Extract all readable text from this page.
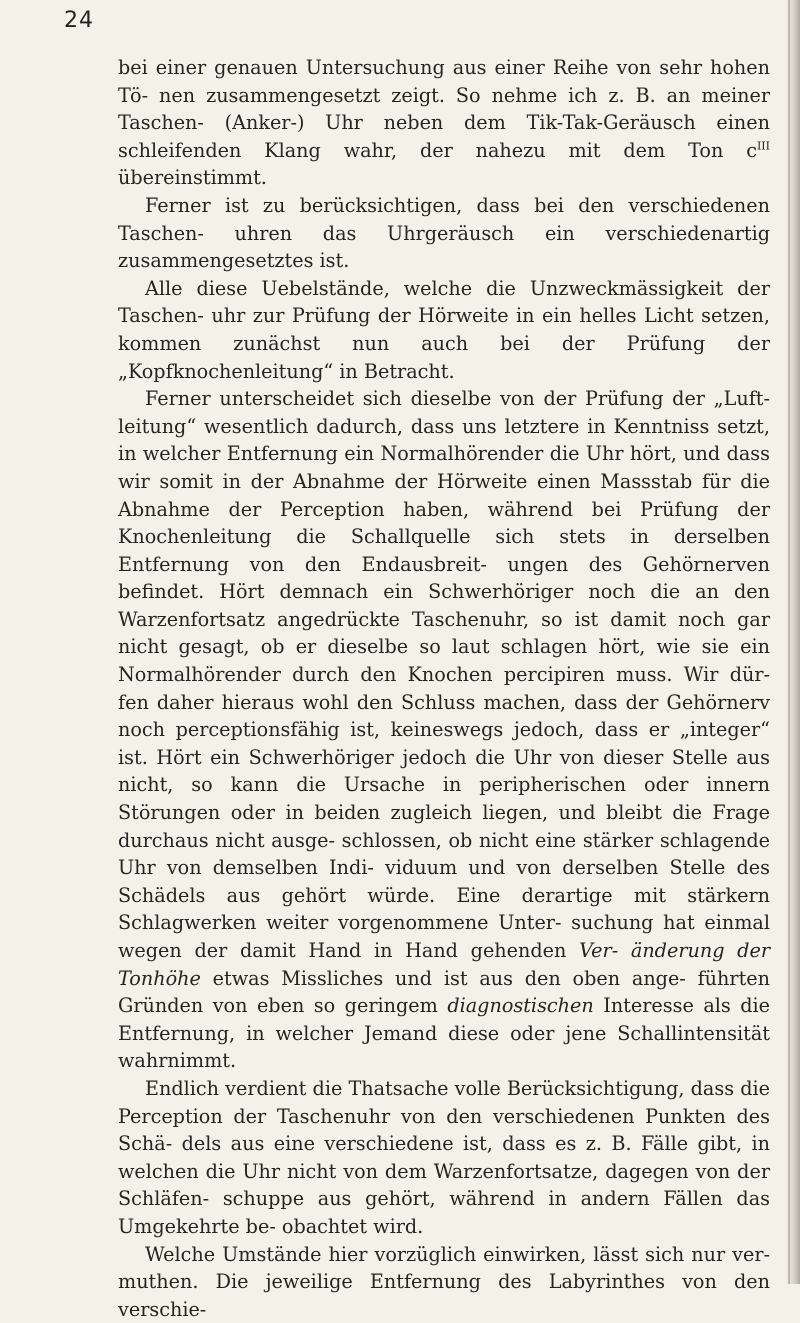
24

bei einer genauen Untersuchung aus einer Reihe von sehr hohen Tö- nen zusammengesetzt zeigt. So nehme ich z. B. an meiner Taschen- (Anker-) Uhr neben dem Tik-Tak-Geräusch einen schleifenden Klang wahr, der nahezu mit dem Ton $c^{III}$ übereinstimmt.

Ferner ist zu berücksichtigen, dass bei den verschiedenen Taschen- uhren das Uhrgeräusch ein verschiedenartig zusammengesetztes ist.

Alle diese Uebelstände, welche die Unzweckmässigkeit der Taschen- uhr zur Prüfung der Hörweite in ein helles Licht setzen, kommen zunächst nun auch bei der Prüfung der „Kopfknochenleitung“ in Betracht.

Ferner unterscheidet sich dieselbe von der Prüfung der „Luft- leitung“ wesentlich dadurch, dass uns letztere in Kenntniss setzt, in welcher Entfernung ein Normalhörender die Uhr hört, und dass wir somit in der Abnahme der Hörweite einen Massstab für die Abnahme der Perception haben, während bei Prüfung der Knochenleitung die Schallquelle sich stets in derselben Entfernung von den Endausbreit- ungen des Gehörnerven befindet. Hört demnach ein Schwerhöriger noch die an den Warzenfortsatz angedrückte Taschenuhr, so ist damit noch gar nicht gesagt, ob er dieselbe so laut schlagen hört, wie sie ein Normalhörender durch den Knochen percipiren muss. Wir dür- fen daher hieraus wohl den Schluss machen, dass der Gehörnerv noch perceptionsfähig ist, keineswegs jedoch, dass er „integer“ ist. Hört ein Schwerhöriger jedoch die Uhr von dieser Stelle aus nicht, so kann die Ursache in peripherischen oder innern Störungen oder in beiden zugleich liegen, und bleibt die Frage durchaus nicht ausge- schlossen, ob nicht eine stärker schlagende Uhr von demselben Indi- viduum und von derselben Stelle des Schädels aus gehört würde. Eine derartige mit stärkern Schlagwerken weiter vorgenommene Unter- suchung hat einmal wegen der damit Hand in Hand gehenden Ver- änderung der Tonhöhe etwas Missliches und ist aus den oben ange- führten Gründen von eben so geringem diagnostischen Interesse als die Entfernung, in welcher Jemand diese oder jene Schallintensität wahrnimmt.

Endlich verdient die Thatsache volle Berücksichtigung, dass die Perception der Taschenuhr von den verschiedenen Punkten des Schä- dels aus eine verschiedene ist, dass es z. B. Fälle gibt, in welchen die Uhr nicht von dem Warzenfortsatze, dagegen von der Schläfen- schuppe aus gehört, während in andern Fällen das Umgekehrte be- obachtet wird.

Welche Umstände hier vorzüglich einwirken, lässt sich nur ver- muthen. Die jeweilige Entfernung des Labyrinthes von den verschie-
